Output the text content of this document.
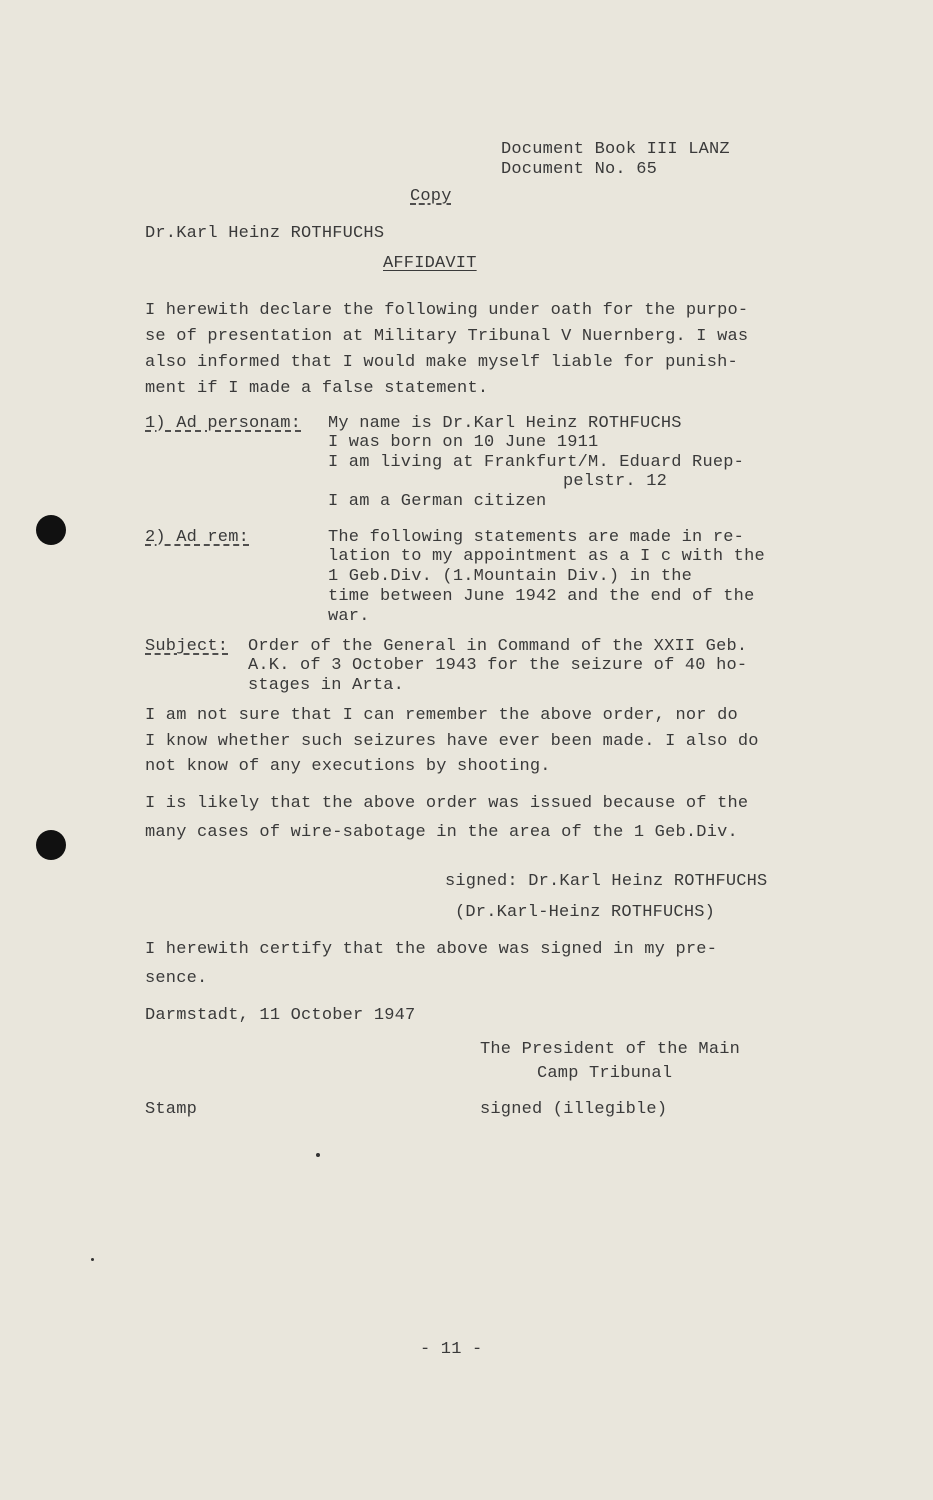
Document Book III LANZ
Document No. 65
Copy
Dr.Karl Heinz ROTHFUCHS
AFFIDAVIT
I herewith declare the following under oath for the purpo-
se of presentation at Military Tribunal V Nuernberg. I was
also informed that I would make myself liable for punish-
ment if I made a false statement.
1) Ad personam: My name is Dr.Karl Heinz ROTHFUCHS
I was born on 10 June 1911
I am living at Frankfurt/M. Eduard Ruep-
pelstr. 12
I am a German citizen
2) Ad rem:	The following statements are made in re-
lation to my appointment as a I c with the
1 Geb.Div. (1.Mountain Div.) in the
time between June 1942 and the end of the
war.
Subject: Order of the General in Command of the XXII Geb.
A.K. of 3 October 1943 for the seizure of 40 ho-
stages in Arta.
I am not sure that I can remember the above order, nor do
I know whether such seizures have ever been made. I also do
not know of any executions by shooting.
I is likely that the above order was issued because of the
many cases of wire-sabotage in the area of the 1 Geb.Div.
signed: Dr.Karl Heinz ROTHFUCHS
(Dr.Karl-Heinz ROTHFUCHS)
I herewith certify that the above was signed in my pre-
sence.
Darmstadt, 11 October 1947
The President of the Main
Camp Tribunal
Stamp	signed (illegible)
- 11 -
